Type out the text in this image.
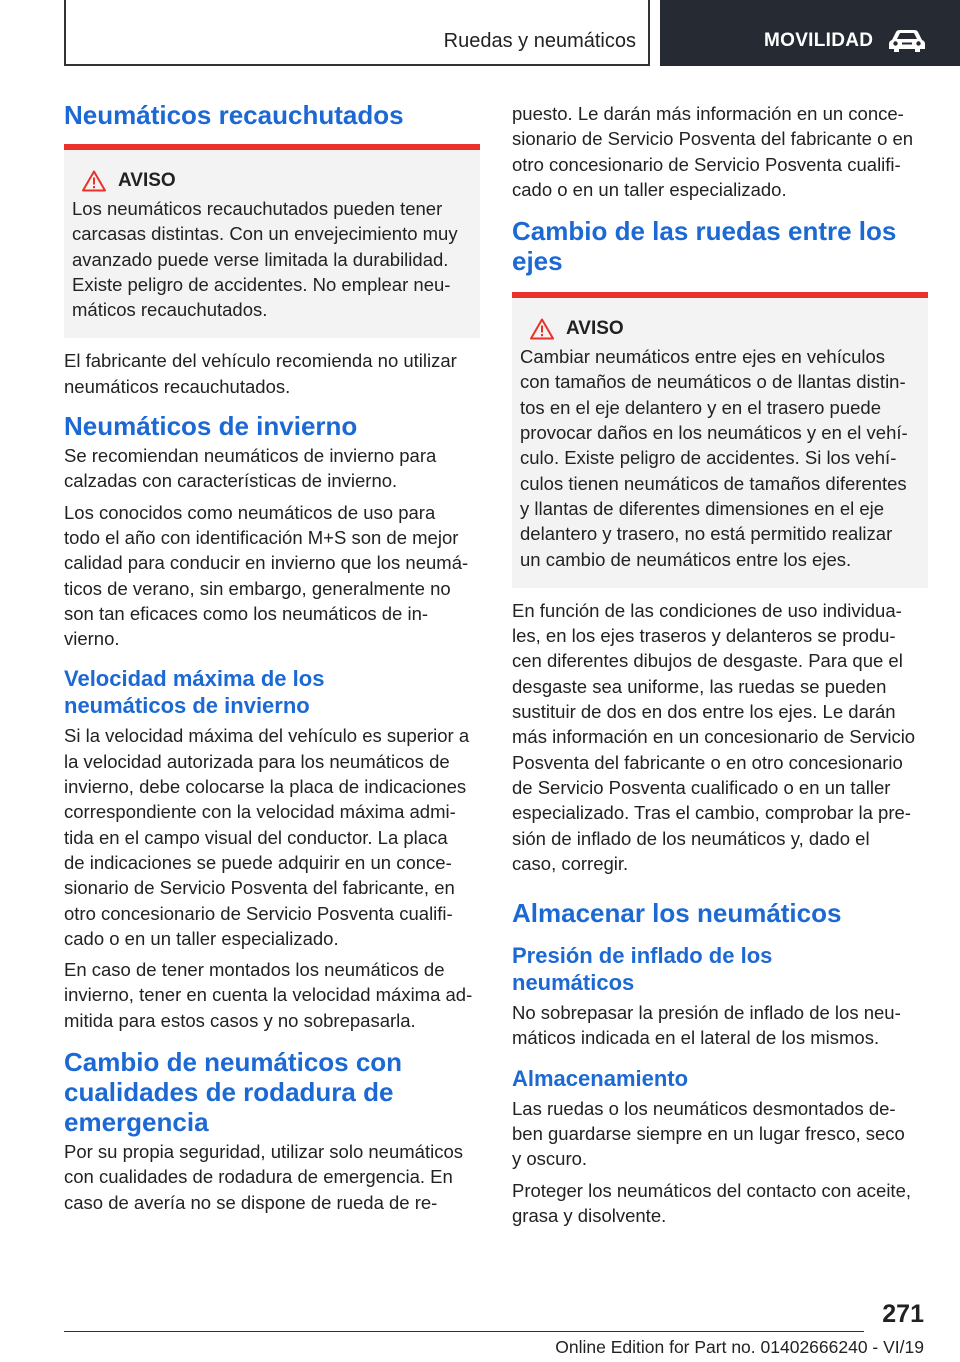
Ruedas y neumáticos	MOVILIDAD
Neumáticos recauchutados
AVISO

Los neumáticos recauchutados pueden tener
carcasas distintas. Con un envejecimiento muy
avanzado puede verse limitada la durabilidad.
Existe peligro de accidentes. No emplear neu-
máticos recauchutados.

El fabricante del vehículo recomienda no utilizar
neumáticos recauchutados.

Neumáticos de invierno

Se recomiendan neumáticos de invierno para
calzadas con características de invierno.

Los conocidos como neumáticos de uso para
todo el año con identificación M+S son de mejor
calidad para conducir en invierno que los neumá-
ticos de verano, sin embargo, generalmente no
son tan eficaces como los neumáticos de in-
vierno.

Velocidad máxima de los
neumáticos de invierno

Si la velocidad máxima del vehículo es superior a
la velocidad autorizada para los neumáticos de
invierno, debe colocarse la placa de indicaciones
correspondiente con la velocidad máxima admi-
tida en el campo visual del conductor. La placa
de indicaciones se puede adquirir en un conce-
sionario de Servicio Posventa del fabricante, en
otro concesionario de Servicio Posventa cualifi-
cado o en un taller especializado.

En caso de tener montados los neumáticos de
invierno, tener en cuenta la velocidad máxima ad-
mitida para estos casos y no sobrepasarla.

Cambio de neumáticos con
cualidades de rodadura de
emergencia

Por su propia seguridad, utilizar solo neumáticos
con cualidades de rodadura de emergencia. En
caso de avería no se dispone de rueda de re-

puesto. Le darán más información en un conce-
sionario de Servicio Posventa del fabricante o en
otro concesionario de Servicio Posventa cualifi-
cado o en un taller especializado.

Cambio de las ruedas entre los
ejes
AVISO

Cambiar neumáticos entre ejes en vehículos
con tamaños de neumáticos o de llantas distin-
tos en el eje delantero y en el trasero puede
provocar daños en los neumáticos y en el vehí-
culo. Existe peligro de accidentes. Si los vehí-
culos tienen neumáticos de tamaños diferentes
y llantas de diferentes dimensiones en el eje
delantero y trasero, no está permitido realizar
un cambio de neumáticos entre los ejes.

En función de las condiciones de uso individua-
les, en los ejes traseros y delanteros se produ-
cen diferentes dibujos de desgaste. Para que el
desgaste sea uniforme, las ruedas se pueden
sustituir de dos en dos entre los ejes. Le darán
más información en un concesionario de Servicio
Posventa del fabricante o en otro concesionario
de Servicio Posventa cualificado o en un taller
especializado. Tras el cambio, comprobar la pre-
sión de inflado de los neumáticos y, dado el
caso, corregir.

Almacenar los neumáticos
Presión de inflado de los
neumáticos

No sobrepasar la presión de inflado de los neu-
máticos indicada en el lateral de los mismos.

Almacenamiento

Las ruedas o los neumáticos desmontados de-
ben guardarse siempre en un lugar fresco, seco
y oscuro.

Proteger los neumáticos del contacto con aceite,
grasa y disolvente.

271
Online Edition for Part no. 01402666240 - VI/19
